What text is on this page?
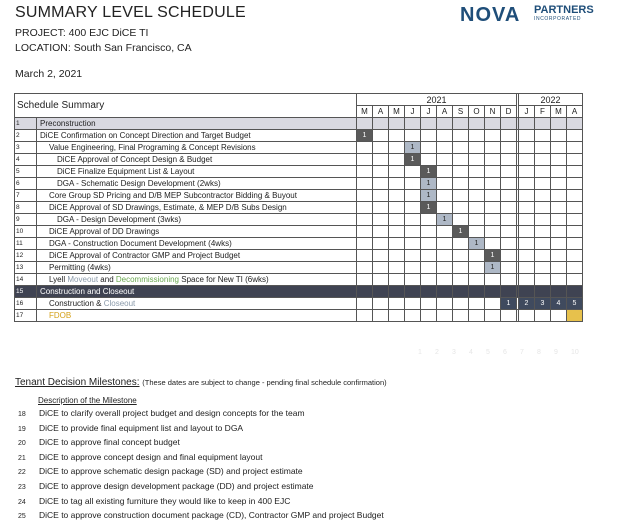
SUMMARY LEVEL SCHEDULE
PROJECT: 400 EJC DiCE TI
LOCATION: South San Francisco, CA
March 2, 2021
NOVA PARTNERS
INCORPORATED
Schedule Summary		2021											2022			
		M	A	M	J	J	A	S	O	N	D		J	F	M	A
1	Preconstruction															
2	DiCE Confirmation on Concept Direction and Target Budget	1														
3	Value Engineering, Final Programing & Concept Revisions				1											
4	DiCE Approval of Concept Design & Budget				1											
5	DiCE Finalize Equipment List & Layout					1										
6	DGA - Schematic Design Development (2wks)					1										
7	Core Group SD Pricing and D/B MEP Subcontractor Bidding & Buyout					1										
8	DiCE Approval of SD Drawings, Estimate, & MEP D/B Subs Design					1										
9	DGA - Design Development (3wks)						1									
10	DiCE Approval of DD Drawings							1								
11	DGA - Construction Document Development (4wks)								1							
12	DiCE Approval of Contractor GMP and Project Budget									1						
13	Permitting (4wks)									1						
14	Lyell Moveout and Decommissioning Space for New TI (6wks)															
15	Construction and Closeout															
16	Construction & Closeout										1		2	3	4	5
17	FDOB															
1 2 3 4 5 6 7 8 9 10
Tenant Decision Milestones: (These dates are subject to change - pending final schedule confirmation)
Description of the Milestone
18 DiCE to clarify overall project budget and design concepts for the team
19 DiCE to provide final equipment list and layout to DGA
20 DiCE to approve final concept budget
21 DiCE to approve concept design and final equipment layout
22 DiCE to approve schematic design package (SD) and project estimate
23 DiCE to approve design development package (DD) and project estimate
24 DiCE to tag all existing furniture they would like to keep in 400 EJC
25 DiCE to approve construction document package (CD), Contractor GMP and project Budget
